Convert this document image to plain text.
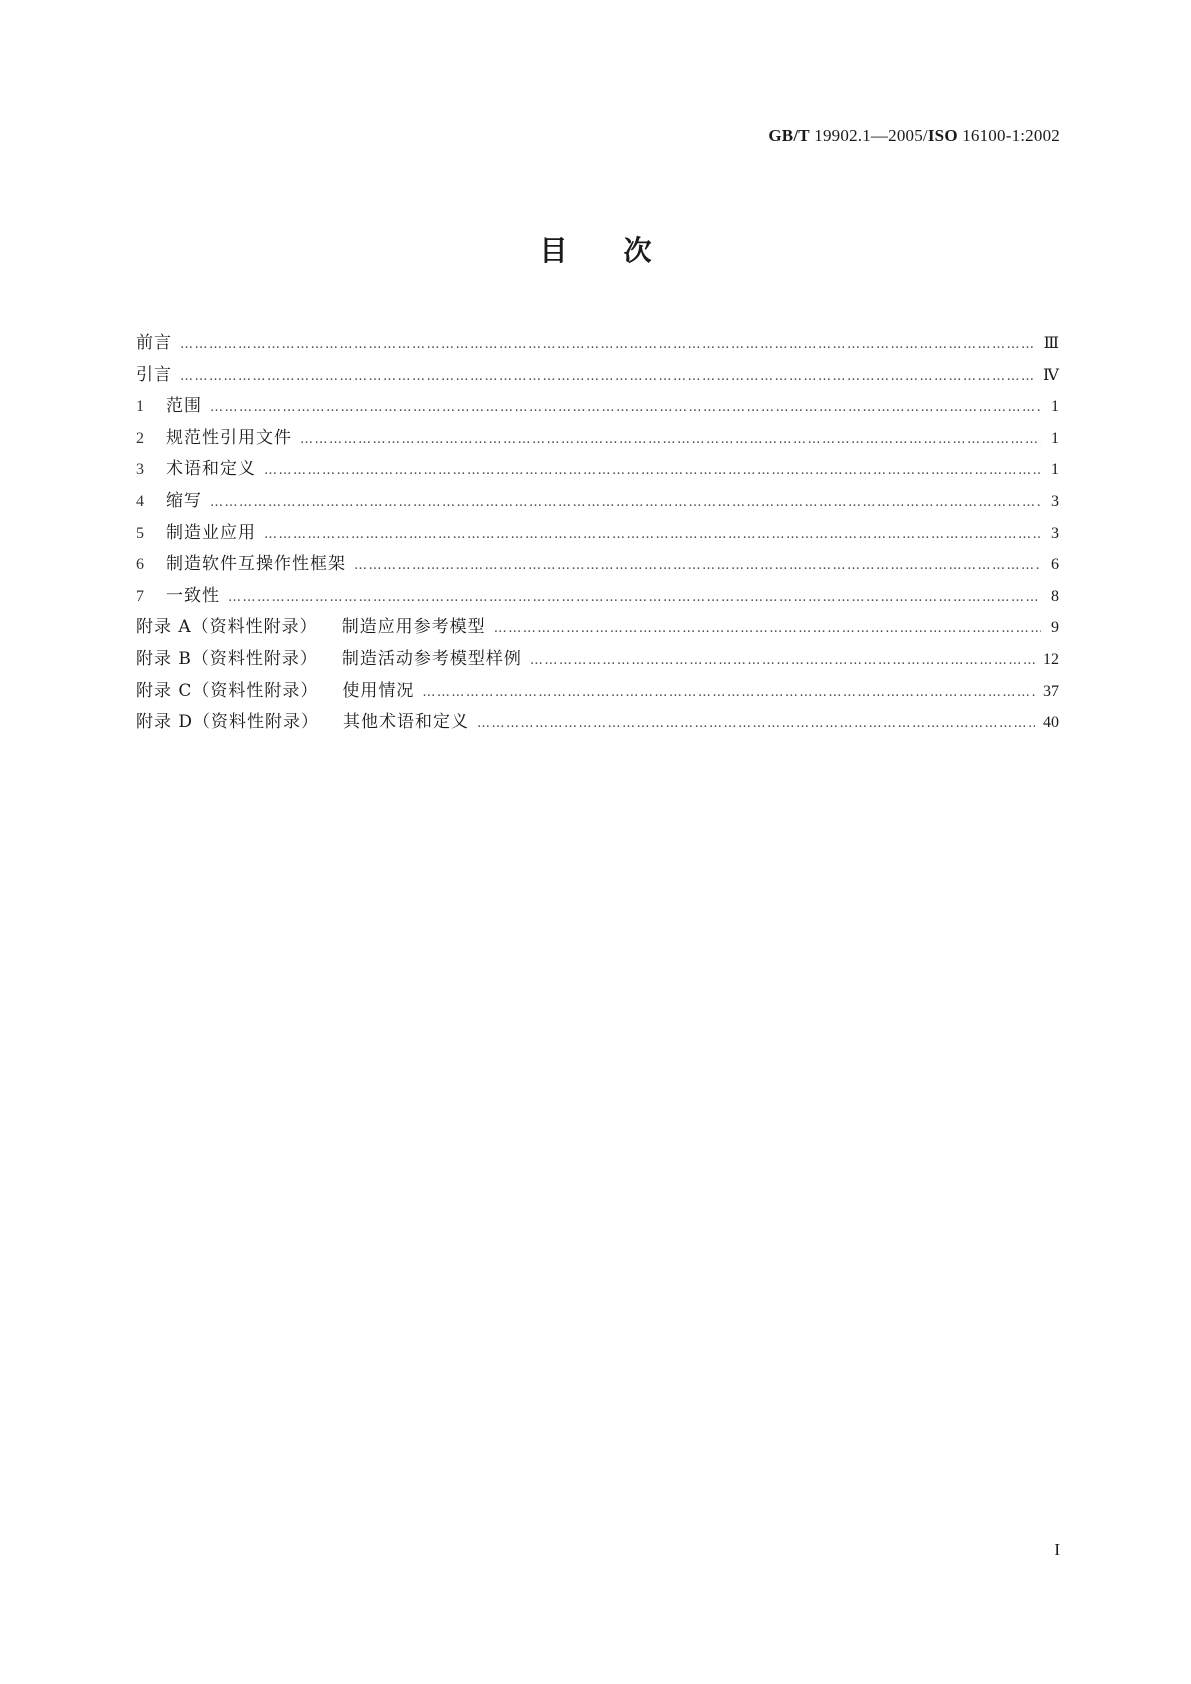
GB/T 19902.1—2005/ISO 16100-1:2002
目次
前言 …………………………………………………………………………………………………………………………………………………………………………………………………………………………	Ⅲ
引言 …………………………………………………………………………………………………………………………………………………………………………………………………………………………	Ⅳ
1	范围 …………………………………………………………………………………………………………………………………………………………………………………………………………………………	1
2	规范性引用文件 …………………………………………………………………………………………………………………………………………………………………………………………………………………………	1
3	术语和定义 …………………………………………………………………………………………………………………………………………………………………………………………………………………………	1
4	缩写 …………………………………………………………………………………………………………………………………………………………………………………………………………………………	3
5	制造业应用 …………………………………………………………………………………………………………………………………………………………………………………………………………………………	3
6	制造软件互操作性框架 …………………………………………………………………………………………………………………………………………………………………………………………………………………………	6
7	一致性 …………………………………………………………………………………………………………………………………………………………………………………………………………………………	8
附录 A（资料性附录） 制造应用参考模型 …………………………………………………………………………………………………………………………………………………………………………………………………………………………	9
附录 B（资料性附录） 制造活动参考模型样例 …………………………………………………………………………………………………………………………………………………………………………………………………………………………	12
附录 C（资料性附录） 使用情况 …………………………………………………………………………………………………………………………………………………………………………………………………………………………	37
附录 D（资料性附录） 其他术语和定义 …………………………………………………………………………………………………………………………………………………………………………………………………………………………	40
I
